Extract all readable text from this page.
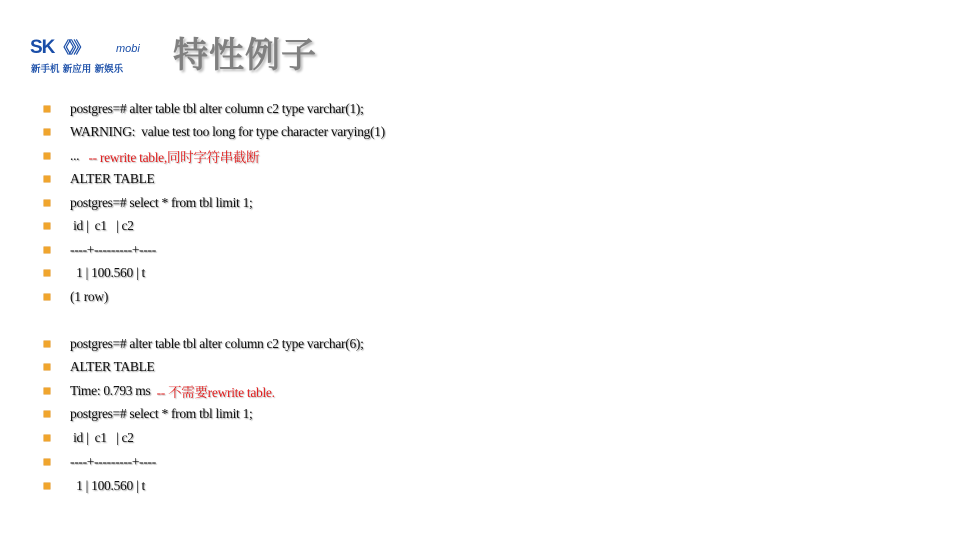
SK《》》	mobi
新手机 新应用 新娱乐 特性例子
postgres=# alter table tbl alter column c2 type varchar(1);
WARNING:  value test too long for type character varying(1)
... -- rewrite table,同时字符串截断
ALTER TABLE
postgres=# select * from tbl limit 1;
id |  c1   | c2
----+---------+----
1 | 100.560 | t
(1 row)
postgres=# alter table tbl alter column c2 type varchar(6);
ALTER TABLE
Time: 0.793 ms -- 不需要rewrite table.
postgres=# select * from tbl limit 1;
id |  c1   | c2
----+---------+----
1 | 100.560 | t
